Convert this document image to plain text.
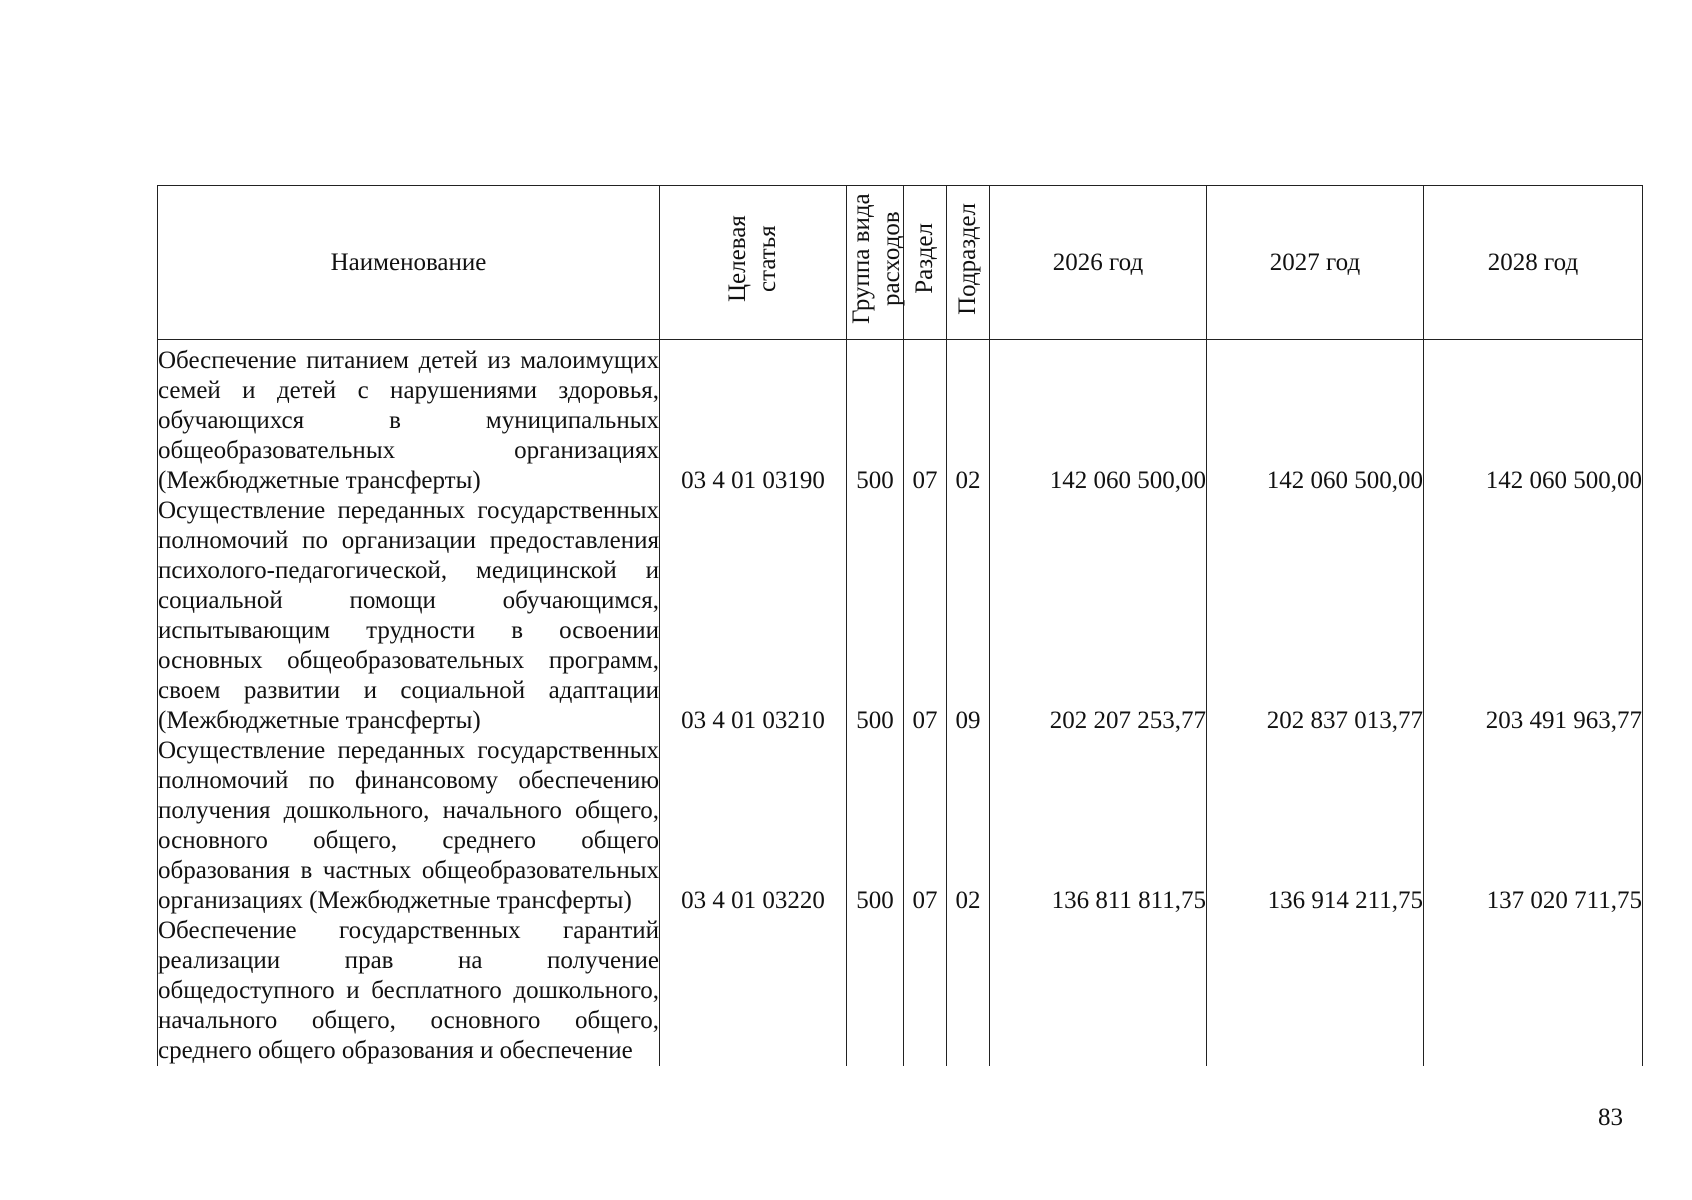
Наименование	Целевая статья	Группа вида расходов	Раздел	Подраздел	2026 год	2027 год	2028 год
Обеспечение питанием детей из малоимущих семей и детей с нарушениями здоровья, обучающихся в муниципальных общеобразовательных организациях (Межбюджетные трансферты)	03 4 01 03190	500	07	02	142 060 500,00	142 060 500,00	142 060 500,00
Осуществление переданных государственных полномочий по организации предоставления психолого-педагогической, медицинской и социальной помощи обучающимся, испытывающим трудности в освоении основных общеобразовательных программ, своем развитии и социальной адаптации (Межбюджетные трансферты)	03 4 01 03210	500	07	09	202 207 253,77	202 837 013,77	203 491 963,77
Осуществление переданных государственных полномочий по финансовому обеспечению получения дошкольного, начального общего, основного общего, среднего общего образования в частных общеобразовательных организациях (Межбюджетные трансферты)	03 4 01 03220	500	07	02	136 811 811,75	136 914 211,75	137 020 711,75
Обеспечение государственных гарантий реализации прав на получение общедоступного и бесплатного дошкольного, начального общего, основного общего, среднего общего образования и обеспечение							
83
